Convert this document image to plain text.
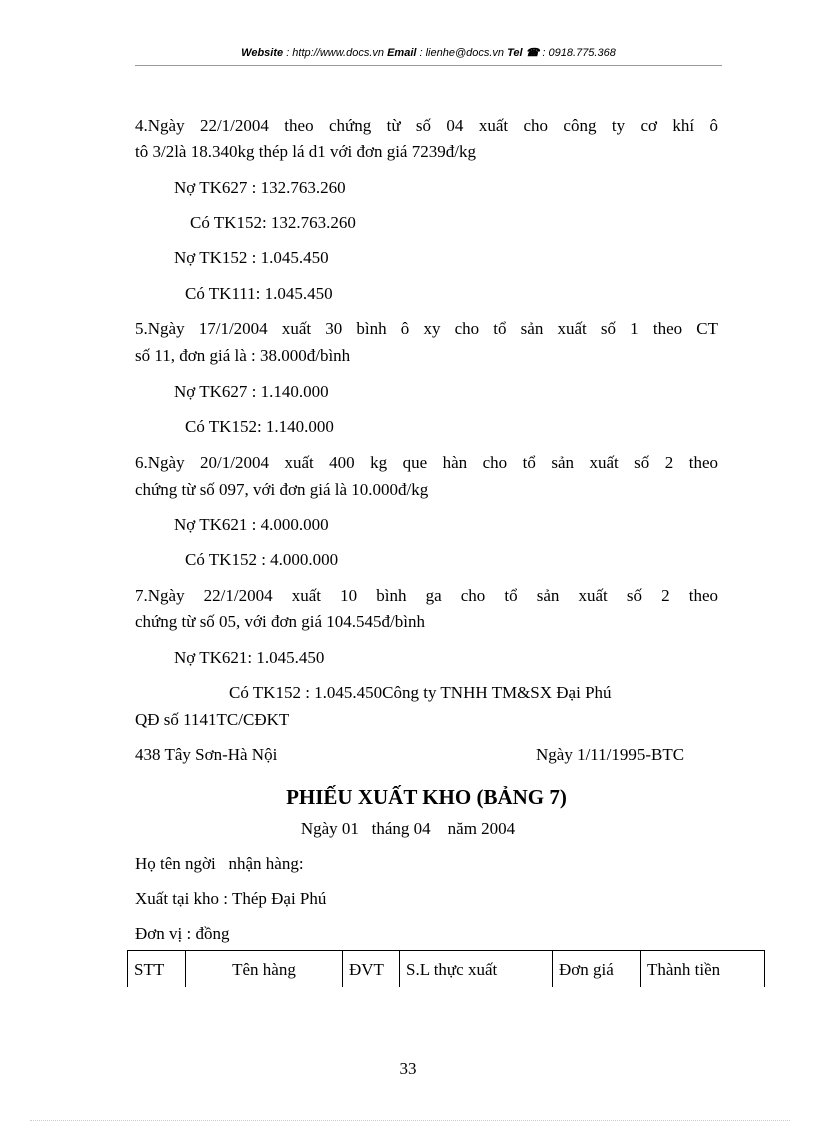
Website : http://www.docs.vn Email : lienhe@docs.vn Tel ☎ : 0918.775.368
4.Ngày 22/1/2004 theo chứng từ số 04 xuất cho công ty cơ khí ô
tô 3/2là 18.340kg thép lá d1 với đơn giá 7239đ/kg
Nợ TK627 : 132.763.260
Có TK152: 132.763.260
Nợ TK152 : 1.045.450
Có TK111: 1.045.450
5.Ngày 17/1/2004 xuất 30 bình ô xy cho tổ sản xuất số 1 theo CT
số 11, đơn giá là : 38.000đ/bình
Nợ TK627 : 1.140.000
Có TK152: 1.140.000
6.Ngày 20/1/2004 xuất 400 kg que hàn cho tổ sản xuất số 2 theo
chứng từ số 097, với đơn giá là 10.000đ/kg
Nợ TK621 : 4.000.000
Có TK152 : 4.000.000
7.Ngày 22/1/2004 xuất 10 bình ga cho tổ sản xuất số 2 theo
chứng từ số 05, với đơn giá 104.545đ/bình
Nợ TK621: 1.045.450
Có TK152 : 1.045.450Công ty TNHH TM&SX Đại Phú
QĐ số 1141TC/CĐKT
438 Tây Sơn-Hà Nội	Ngày 1/11/1995-BTC
PHIẾU XUẤT KHO (BẢNG 7)
Ngày 01   tháng 04    năm 2004
Họ tên ngời   nhận hàng:
Xuất tại kho : Thép Đại Phú
Đơn vị : đồng
STT	Tên hàng	ĐVT	S.L thực xuất	Đơn giá	Thành tiền
33
